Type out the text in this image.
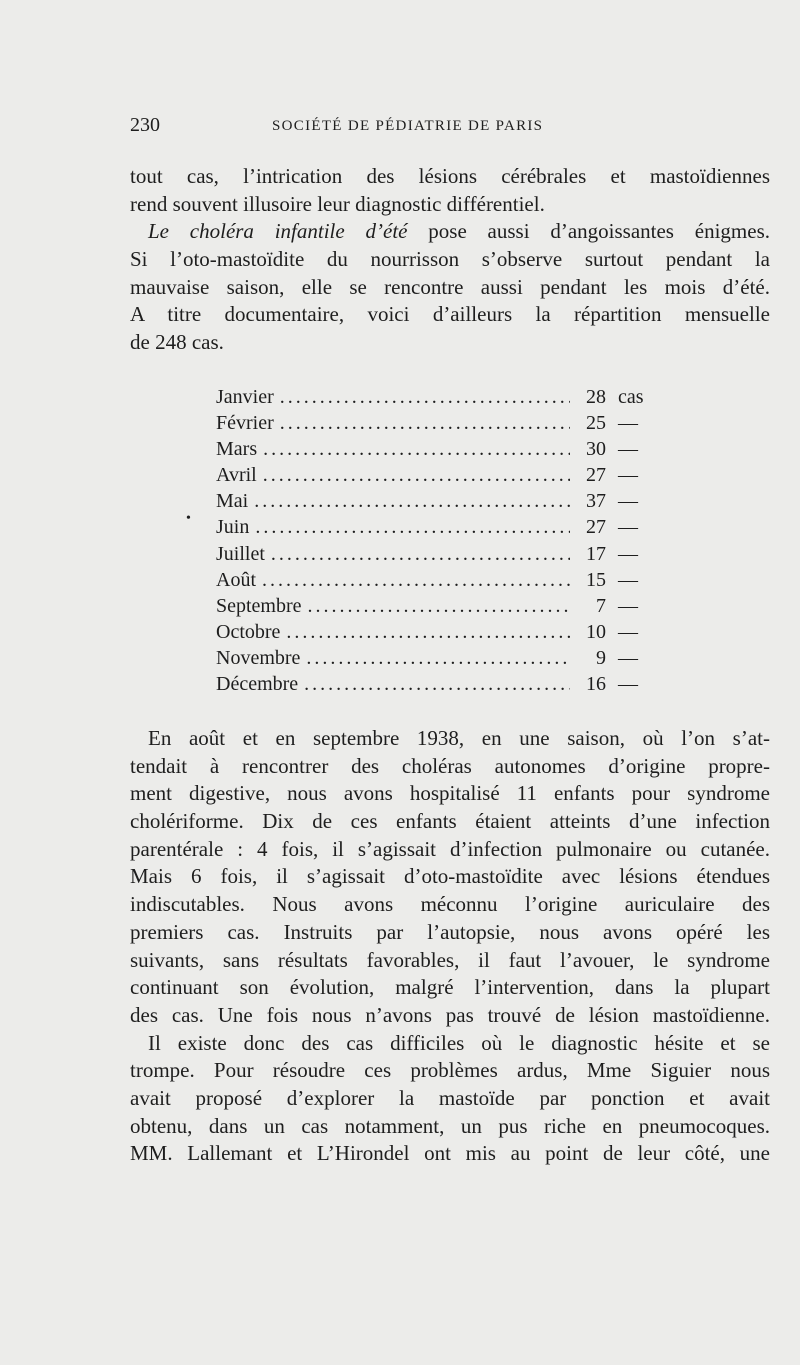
230	SOCIÉTÉ DE PÉDIATRIE DE PARIS
tout cas, l’intrication des lésions cérébrales et mastoïdiennes
rend souvent illusoire leur diagnostic différentiel.
Le choléra infantile d’été pose aussi d’angoissantes énigmes.
Si l’oto-mastoïdite du nourrisson s’observe surtout pendant la
mauvaise saison, elle se rencontre aussi pendant les mois d’été.
A titre documentaire, voici d’ailleurs la répartition mensuelle
de 248 cas.
•
Janvier . . .	28 cas
Février . . .	25 —
Mars . . .	30 —
Avril . . .	27 —
Mai . . .	37 —
Juin . . .	27 —
Juillet . . .	17 —
Août . . .	15 —
Septembre . . .	7 —
Octobre . . .	10 —
Novembre . . .	9 —
Décembre . . .	16 —
En août et en septembre 1938, en une saison, où l’on s’at-
tendait à rencontrer des choléras autonomes d’origine propre-
ment digestive, nous avons hospitalisé 11 enfants pour syndrome
cholériforme. Dix de ces enfants étaient atteints d’une infection
parentérale : 4 fois, il s’agissait d’infection pulmonaire ou cutanée.
Mais 6 fois, il s’agissait d’oto-mastoïdite avec lésions étendues
indiscutables. Nous avons méconnu l’origine auriculaire des
premiers cas. Instruits par l’autopsie, nous avons opéré les
suivants, sans résultats favorables, il faut l’avouer, le syndrome
continuant son évolution, malgré l’intervention, dans la plupart
des cas. Une fois nous n’avons pas trouvé de lésion mastoïdienne.
Il existe donc des cas difficiles où le diagnostic hésite et se
trompe. Pour résoudre ces problèmes ardus, Mme Siguier nous
avait proposé d’explorer la mastoïde par ponction et avait
obtenu, dans un cas notamment, un pus riche en pneumocoques.
MM. Lallemant et L’Hirondel ont mis au point de leur côté, une
